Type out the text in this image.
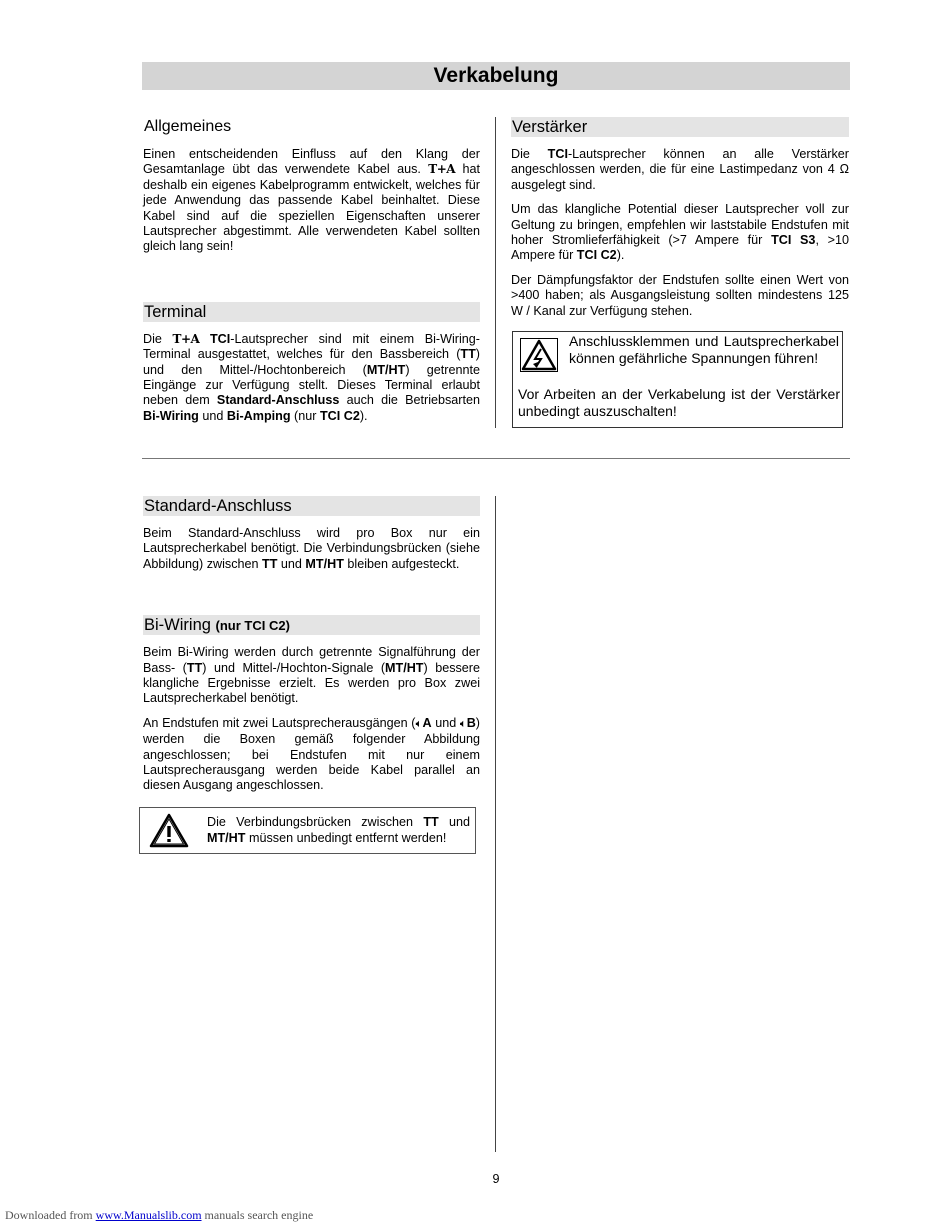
Verkabelung
Allgemeines

Einen entscheidenden Einfluss auf den Klang der Gesamtanlage übt das verwendete Kabel aus. T+A hat deshalb ein eigenes Kabelprogramm entwickelt, welches für jede Anwendung das passende Kabel beinhaltet. Diese Kabel sind auf die speziellen Eigenschaften unserer Lautsprecher abgestimmt. Alle verwendeten Kabel sollten gleich lang sein!

Terminal

Die T+A TCI-Lautsprecher sind mit einem Bi-Wiring-Terminal ausgestattet, welches für den Bassbereich (TT) und den Mittel-/Hochtonbereich (MT/HT) getrennte Eingänge zur Verfügung stellt. Dieses Terminal erlaubt neben dem Standard-Anschluss auch die Betriebsarten Bi-Wiring und Bi-Amping (nur TCI C2).

Verstärker

Die TCI-Lautsprecher können an alle Verstärker angeschlossen werden, die für eine Lastimpedanz von 4 Ω ausgelegt sind.

Um das klangliche Potential dieser Lautsprecher voll zur Geltung zu bringen, empfehlen wir laststabile Endstufen mit hoher Stromlieferfähigkeit (>7 Ampere für TCI S3, >10 Ampere für TCI C2).

Der Dämpfungsfaktor der Endstufen sollte einen Wert von >400 haben; als Ausgangsleistung sollten mindestens 125 W / Kanal zur Verfügung stehen.

Anschlussklemmen und Lautsprecherkabel können gefährliche Spannungen führen!
Vor Arbeiten an der Verkabelung ist der Verstärker unbedingt auszuschalten!
Standard-Anschluss

Beim Standard-Anschluss wird pro Box nur ein Lautsprecherkabel benötigt. Die Verbindungsbrücken (siehe Abbildung) zwischen TT und MT/HT bleiben aufgesteckt.

Bi-Wiring (nur TCI C2)

Beim Bi-Wiring werden durch getrennte Signalführung der Bass- (TT) und Mittel-/Hochton-Signale (MT/HT) bessere klangliche Ergebnisse erzielt. Es werden pro Box zwei Lautsprecherkabel benötigt.

An Endstufen mit zwei Lautsprecherausgängen (🔈︎A und 🔈︎B) werden die Boxen gemäß folgender Abbildung angeschlossen; bei Endstufen mit nur einem Lautsprecherausgang werden beide Kabel parallel an diesen Ausgang angeschlossen.

Die Verbindungsbrücken zwischen TT und MT/HT müssen unbedingt entfernt werden!
9
Downloaded from www.Manualslib.com manuals search engine
